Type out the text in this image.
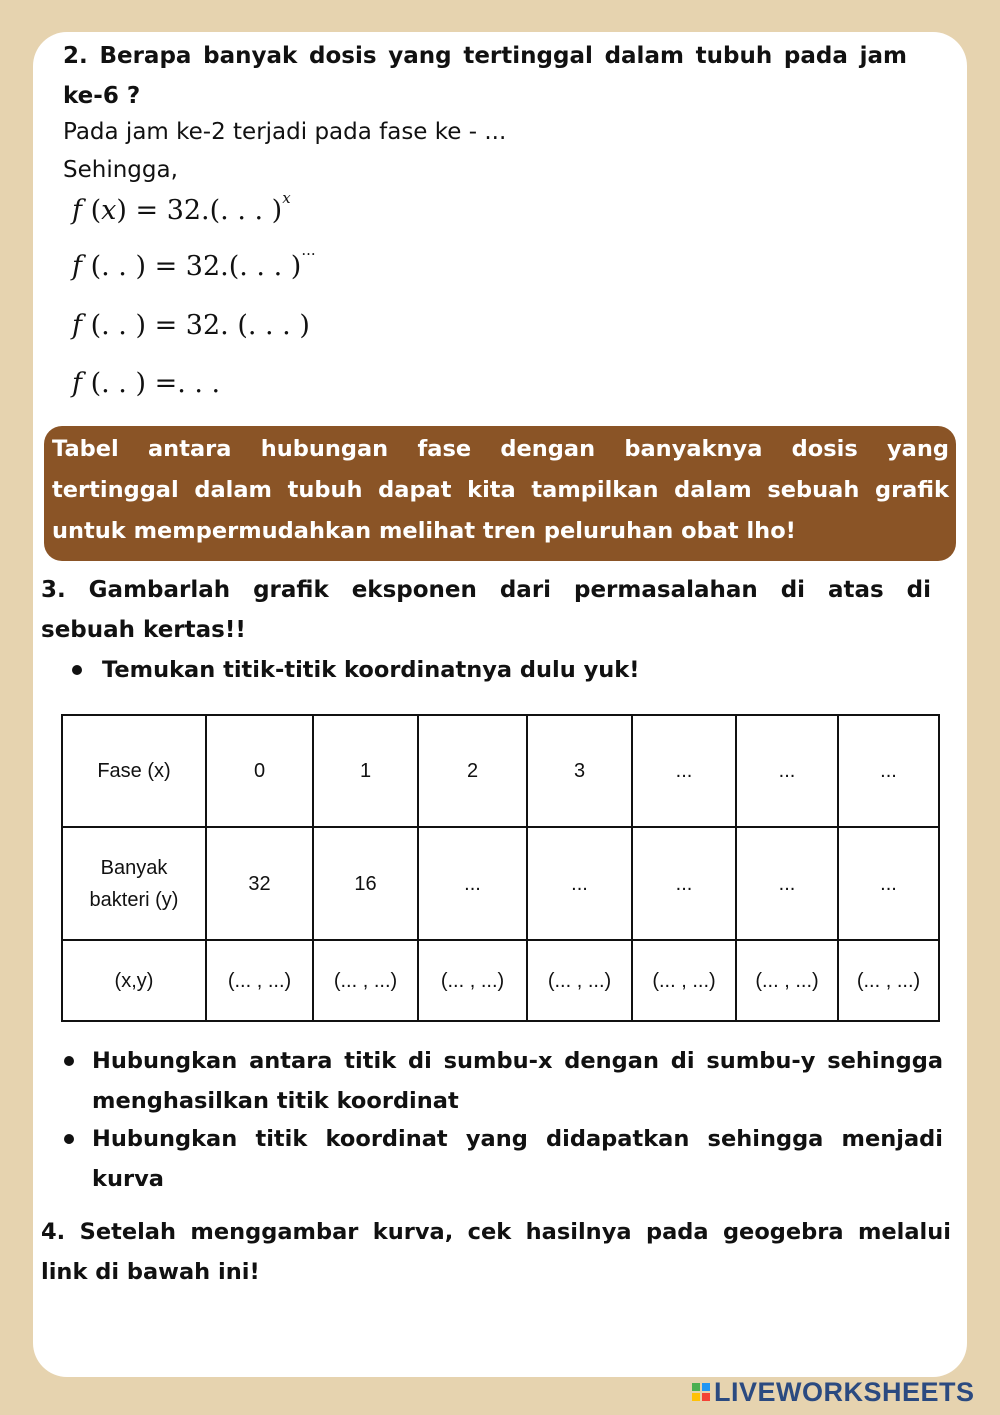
2. Berapa banyak dosis yang tertinggal dalam tubuh pada jam
ke-6 ?

Pada jam ke-2 terjadi pada fase ke - ...

Sehingga,

f (x) = 32.(. . . )$^x$
f (. . ) = 32.(. . . )···
f (. . ) = 32. (. . . )
f (. . ) =. . .
Tabel antara hubungan fase dengan banyaknya dosis yang
tertinggal dalam tubuh dapat kita tampilkan dalam sebuah grafik
untuk mempermudahkan melihat tren peluruhan obat lho!
3. Gambarlah grafik eksponen dari permasalahan di atas di
sebuah kertas!!
Temukan titik-titik koordinatnya dulu yuk!
Fase (x)	0	1	2	3	...	...	...
Banyak
bakteri (y)	32	16	...	...	...	...	...
(x,y)	(... , ...)	(... , ...)	(... , ...)	(... , ...)	(... , ...)	(... , ...)	(... , ...)
Hubungkan antara titik di sumbu-x dengan di sumbu-y sehingga
menghasilkan titik koordinat
Hubungkan titik koordinat yang didapatkan sehingga menjadi
kurva
4. Setelah menggambar kurva, cek hasilnya pada geogebra melalui
link di bawah ini!
LIVEWORKSHEETS
